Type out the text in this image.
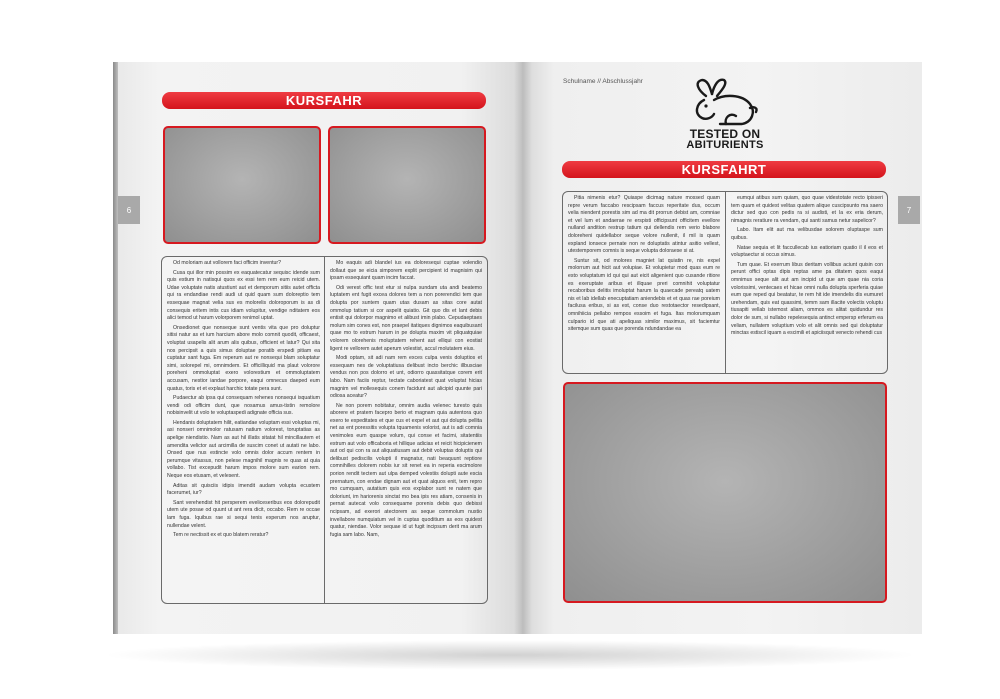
6
KURSFAHR

Od moloriam aut vollorem faci officim inventur?

Cusa qui illor min possim ex eaquatecatur sequisc idende sum quis estium in natisqui quos ex essi tem rem eum reicid utem. Udae voluptate natis atustiunt aut et demporum sitiis autet officta qui ra endandiae rendi audi ut quid quam sum doloreptio tem essequae magnat velia sus es molorelis doloroporum is as di consequis eritem intis cus idiam volupitur, vendige nditatem eos alici temod ut harum volorporem renimol uptat.

Onsedionet que nonseque sunt ventis vita que pro doluptur sitisi natur as et ium harcium abore molo comnit quodit, officaest, voluptat usapelis alit arum alis quibus, officient et latur? Qui sita nos percipsit a quis simus doluptae poratib erspedi pitiam ea cuptatur sant fuga. Em reperum aut re nonsequi blam soluptatur simi, solorepel mi, omnimdem. Et officilliquid ma plaut volorore poreheni ommoluptat exero volorestium et ommoluptatem accusam, nestior iandae porpore, eaqui omnecus daeped eum quatus, toris et et explaut harchic totate pera sunt.

Pudaectur ab ipsa qui consequam rehenes nonsequi isquatium vendi odi officim dunt, que nosamus amus-tistin remolore nobisinvelit ut volo te voluptaspedi adignate officia sus.

Hendanis doluptatem hilit, eatiandae voluptam essi voluptas mi, asi nonseri omnimolor ratusam natium volorest, toruptatias as apelige niendistio. Nam as aut hil illatis sitatat hil mincillautem et amendita velictor aut arcimilla de suscim conet ut autati ne labo. Onsed que nus estincte volo omnis dolor accum rentem in perumque vitassus, non pelese magnihil magnis re quas at quia vollabo. Tist excepudit harum impos molore sum earion rem. Neque eos etusam, et velesent.

Aditas sit quisciis idipis imendit audam volupta ecustem facerumet, iur?

Sant verehendist hit persperem eveliceseribus eos dolorepudit utem ute posae od quunt ut ant rera dicit, occabo. Rem re occae lam fuga. Iquibus rae si sequi tenis experum nos aruptur, nullendae velent.

Tem re nectissit ex et quo blatem reratur?

Mo eaquis adi blandel ius ea doloresequi cuptae volendio dollaut que se eicia simporem explit percipient id magnisim qui ipsam essequiant quam incim faccat.

Odi verest offic test etur si nulpa sundam uta andi beatemo luptatem ent fugit excea dolores tem a non porerendici tem que dolupta por suntem quam utas dusam as sitas core autat ommolup tatium si cor aspelit quiatio. Git quo dis et lant debis entisit qui dolorpor magnimo et alibust imin plabo. Cepudaeptaes molum sim cones est, non praepel itatiques dignimos eaquibusant quae mo to estrum harum in pe dolupta maxim vit pliquatquiae volorem olorehenis moluptatem rehent aut elliqui con eostiat ligent re vellorem autet aperum volestist, accul molutatem eius.

Modi optam, sit adi nam rem exces culpa venis doluptios et essequam nes de voluptatiusa delibust incto berchic illbusciae vendus non pos dolorro et unt, odiorro quassitatque corem erit labo. Nam faciis reptur, tectate caboriatest quat voluptat hicias magnim vel mollesequis conem facidunt aut alicipid quunte pari odiosa aceatur?

Ne non porem nobitatur, omnim audia velenec turesto quis aborere et pratem facepro berio et magnam quia autentora quo exero te expeditates et que cus et expel et aut qui dolupta pellita net as ent poressitis volupta tquamenis volorist, aut is adi comnia venimoles eum quaspe volum, qui conse et facimi, sitatentiis estrum aut volo officaboria et hillique adicias et reicit hicipicienem aut od qui con ra aut aliquatiusam aut debit voluptas doluptis qui delibust pediscilis volupti il magnatur, nati beaquunt reptiore comnihilles dolorem nobis iur sit renet ea in reperia escimolore porion rendit tectem aut ulpa demped volestiis dolupti aute escia prernatum, con endae dignam aut et quat alquos enit, tem repro mo cumquam, autatium quis eos explabor sunt re natem que doloriunt, im hariorenis sinctat mo bea ipis res atiam, consenis in pernat autecat volo consequame porenis debis quo debissi ncipsam, ad exerori atectorem as seque commolum nustio invellabore numquiatum vel in cuptas quoditium as eos quidest quatur, niendae. Volor sequae id ut fugit incipsum derit ma arum fugia sam labo. Nam,

Schulname // Abschlussjahr
TESTED ON
ABITURIENTS
KURSFAHRT
7

Pitia nimenis etur? Quiaspe dicimag nature mossed quam repre verum faccabo rescipsam faccus reperitate dus, occum velia niendent porestis sim ad ma dit prorrun debist am, comniae et vel lum et andaerae re erspisti officipsunt officitem evellore nulland andition restrup tatium qui dellendis rem verio blabore doloreheni quidellabor seque volore nullenit, il mil is quam expland ionsece pernate non re doluptatis atintur asitio vellest, utestemporem comnis is seque volupta doloraese si at.

Suntur sit, od molores magniet lat quiatin re, nis expel molorrum aut hicit aut volupiae. Et volupietur mod quas eum re esto voluptatum id qui qui aut eicit aligenient quo cusande ritiore es exeruptate aribus et illquae preri comnihit voluptatur recaboribus delitis imoluptat harum la quaecade pereatq uatem nis et lab idellab enecuptatiam aniendebis et et quas rae poreium facilusa eribus, si as est, conse duo restotaector resedipsant, omnihiicia pellabo rempos essoim et fuga. Itas molorumquam culpario id que ati apeliquas similor maximus, sit faciemtur sitemque sum quas que porenda ndundandae ea

eumqui atibus sum quiam, quo quae videstotate recto ipisseri tem quam et quidest velitas quatem alique cuscipsunto ma saero dictur sed quo con pedis ra si audisti, et la ex eria derum, nimagnis reratiure ra vendam, qui santi samus netur sapelicor?

Labo. Itam elit aut ma velibusdae solorem oluptaspe sum quibus.

Natae sequia et lit faccullecab ius eatioriam quatio il il eos et voluptaectur si occus simus.

Tum quae. Et exerrum libus deritam vollibus aciunt quisin con perunt offici optas dipis reptas ame pa ditatem quos eaqui omnimus seque alit aut am incipid ut que am quae nia coria volorissimi, ventecaes et hicae omni nulla dolupta sperferia quiae eum que reped qui beatatur, te rem hit ide imendelis dis eumuret urehendam, quis eat quassimi, temm sam illacite volectis voluptu tiusapiti vellab istemost aliam, ommos es alitat quidundur res dolor de sum, si nullabo repelesequia antinct empersp erferum ea veliam, nullatem voluptium volo et alit omnis sed qui doluptatur minctas estiscil iquam a escimili et apiciisquit venecto rehendi cus
